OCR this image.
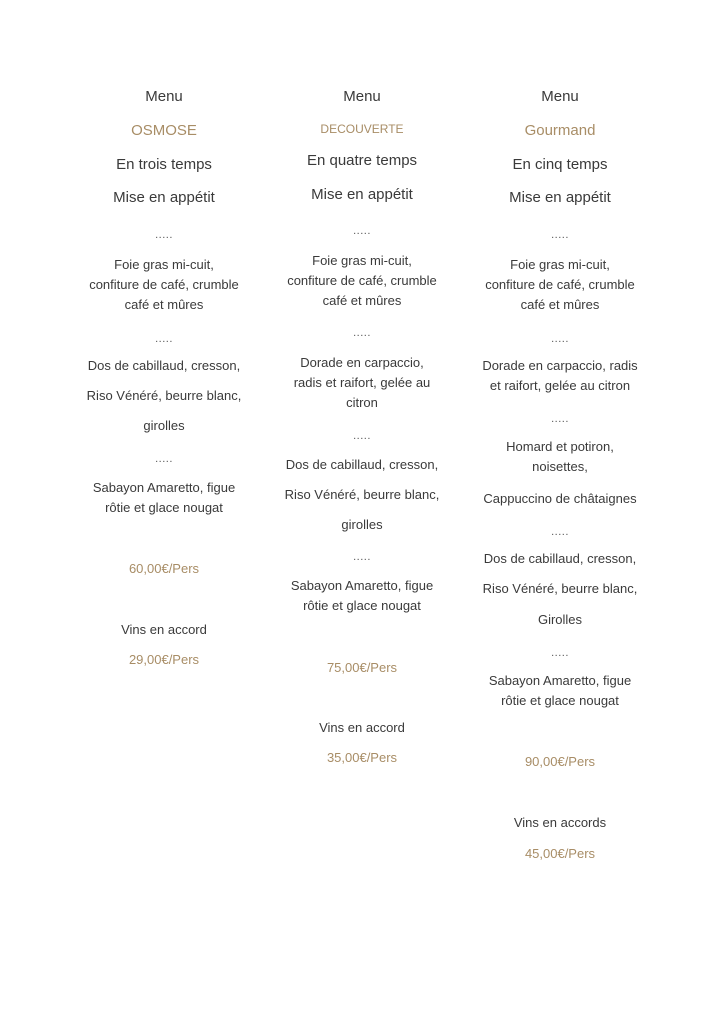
Menu
OSMOSE

En trois temps

Mise en appétit

.....

Foie gras mi-cuit,
confiture de café, crumble
café et mûres

.....

Dos de cabillaud, cresson,

Riso Vénéré, beurre blanc,

girolles

.....

Sabayon Amaretto, figue
rôtie et glace nougat

60,00€/Pers

Vins en accord

29,00€/Pers

Menu
DECOUVERTE

En quatre temps

Mise en appétit

.....

Foie gras mi-cuit,
confiture de café, crumble
café et mûres

.....

Dorade en carpaccio,
radis et raifort, gelée au
citron

.....

Dos de cabillaud, cresson,

Riso Vénéré, beurre blanc,

girolles

.....

Sabayon Amaretto, figue
rôtie et glace nougat

75,00€/Pers

Vins en accord

35,00€/Pers

Menu
Gourmand

En cinq temps

Mise en appétit

.....

Foie gras mi-cuit,
confiture de café, crumble
café et mûres

.....

Dorade en carpaccio, radis
et raifort, gelée au citron

.....

Homard et potiron,
noisettes,

Cappuccino de châtaignes

.....

Dos de cabillaud, cresson,

Riso Vénéré, beurre blanc,

Girolles

.....

Sabayon Amaretto, figue
rôtie et glace nougat

90,00€/Pers

Vins en accords

45,00€/Pers
